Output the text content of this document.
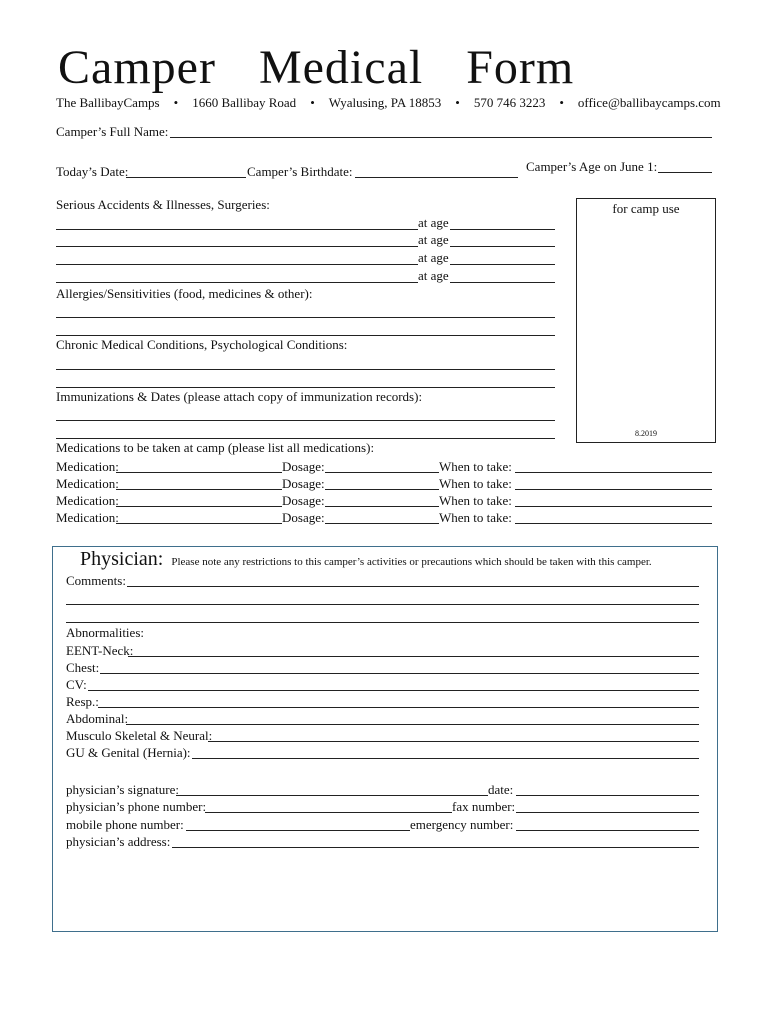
Camper Medical Form
The BallibayCamps • 1660 Ballibay Road • Wyalusing, PA 18853 • 570 746 3223 • office@ballibaycamps.com
Camper’s Full Name:
Today’s Date:	Camper’s Birthdate:	Camper’s Age on June 1:
Serious Accidents & Illnesses, Surgeries:
at age
at age
at age
at age
Allergies/Sensitivities (food, medicines & other):
Chronic Medical Conditions, Psychological Conditions:
Immunizations & Dates (please attach copy of immunization records):
for camp use
8.2019
Medications to be taken at camp (please list all medications):
Medication:	Dosage:	When to take:
Medication:	Dosage:	When to take:
Medication:	Dosage:	When to take:
Medication:	Dosage:	When to take:
Physician: Please note any restrictions to this camper’s activities or precautions which should be taken with this camper.
Comments:
Abnormalities:
EENT-Neck:
Chest:
CV:
Resp.:
Abdominal:
Musculo Skeletal & Neural:
GU & Genital (Hernia):
physician’s signature:	date:
physician’s phone number:	fax number:
mobile phone number:	emergency number:
physician’s address:
